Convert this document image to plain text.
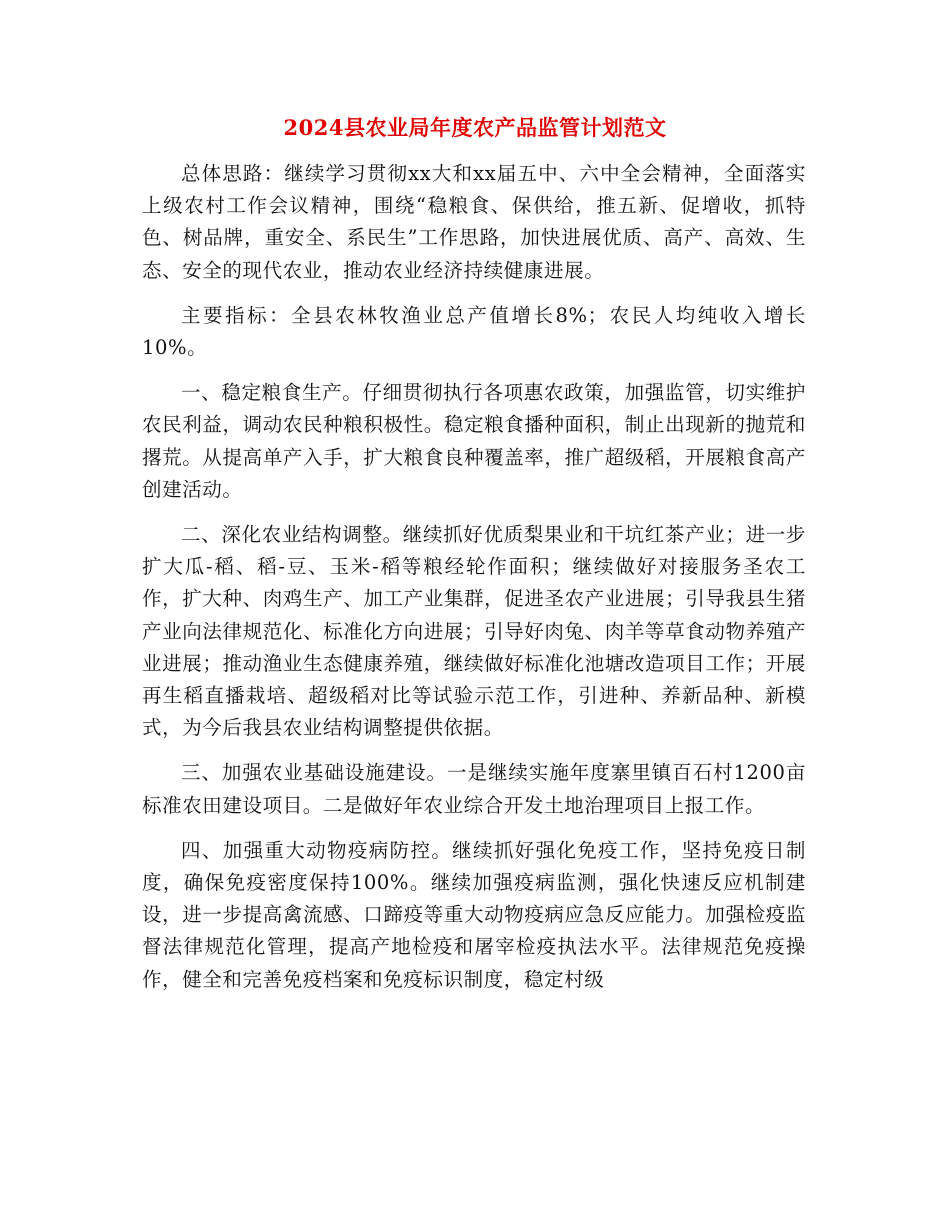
2024县农业局年度农产品监管计划范文

总体思路：继续学习贯彻xx大和xx届五中、六中全会精神，全面落实上级农村工作会议精神，围绕“稳粮食、保供给，推五新、促增收，抓特色、树品牌，重安全、系民生”工作思路，加快进展优质、高产、高效、生态、安全的现代农业，推动农业经济持续健康进展。

主要指标：全县农林牧渔业总产值增长8%；农民人均纯收入增长10%。

一、稳定粮食生产。仔细贯彻执行各项惠农政策，加强监管，切实维护农民利益，调动农民种粮积极性。稳定粮食播种面积，制止出现新的抛荒和撂荒。从提高单产入手，扩大粮食良种覆盖率，推广超级稻，开展粮食高产创建活动。

二、深化农业结构调整。继续抓好优质梨果业和干坑红茶产业；进一步扩大瓜-稻、稻-豆、玉米-稻等粮经轮作面积；继续做好对接服务圣农工作，扩大种、肉鸡生产、加工产业集群，促进圣农产业进展；引导我县生猪产业向法律规范化、标准化方向进展；引导好肉兔、肉羊等草食动物养殖产业进展；推动渔业生态健康养殖，继续做好标准化池塘改造项目工作；开展再生稻直播栽培、超级稻对比等试验示范工作，引进种、养新品种、新模式，为今后我县农业结构调整提供依据。

三、加强农业基础设施建设。一是继续实施年度寨里镇百石村1200亩标准农田建设项目。二是做好年农业综合开发土地治理项目上报工作。

四、加强重大动物疫病防控。继续抓好强化免疫工作，坚持免疫日制度，确保免疫密度保持100%。继续加强疫病监测，强化快速反应机制建设，进一步提高禽流感、口蹄疫等重大动物疫病应急反应能力。加强检疫监督法律规范化管理，提高产地检疫和屠宰检疫执法水平。法律规范免疫操作，健全和完善免疫档案和免疫标识制度，稳定村级
